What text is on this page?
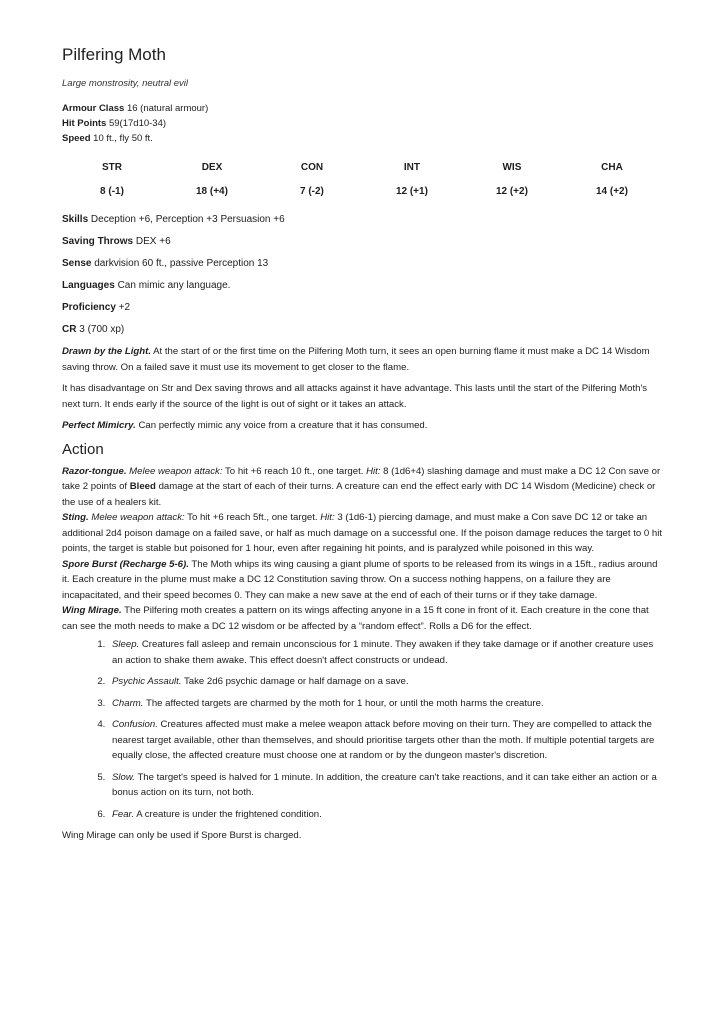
Pilfering Moth

Large monstrosity, neutral evil

Armour Class 16 (natural armour)

Hit Points 59(17d10-34)

Speed 10 ft., fly 50 ft.

STR	DEX	CON	INT	WIS	CHA
8 (-1)	18 (+4)	7 (-2)	12 (+1)	12 (+2)	14 (+2)

Skills Deception +6, Perception +3 Persuasion +6

Saving Throws DEX +6

Sense darkvision 60 ft., passive Perception 13

Languages Can mimic any language.

Proficiency +2

CR 3 (700 xp)

Drawn by the Light. At the start of or the first time on the Pilfering Moth turn, it sees an open burning flame it must make a DC 14 Wisdom saving throw. On a failed save it must use its movement to get closer to the flame.

It has disadvantage on Str and Dex saving throws and all attacks against it have advantage. This lasts until the start of the Pilfering Moth's next turn. It ends early if the source of the light is out of sight or it takes an attack.

Perfect Mimicry. Can perfectly mimic any voice from a creature that it has consumed.

Action

Razor-tongue. Melee weapon attack: To hit +6 reach 10 ft., one target. Hit: 8 (1d6+4) slashing damage and must make a DC 12 Con save or take 2 points of Bleed damage at the start of each of their turns. A creature can end the effect early with DC 14 Wisdom (Medicine) check or the use of a healers kit.

Sting. Melee weapon attack: To hit +6 reach 5ft., one target. Hit: 3 (1d6-1) piercing damage, and must make a Con save DC 12 or take an additional 2d4 poison damage on a failed save, or half as much damage on a successful one. If the poison damage reduces the target to 0 hit points, the target is stable but poisoned for 1 hour, even after regaining hit points, and is paralyzed while poisoned in this way.

Spore Burst (Recharge 5-6). The Moth whips its wing causing a giant plume of sports to be released from its wings in a 15ft., radius around it. Each creature in the plume must make a DC 12 Constitution saving throw. On a success nothing happens, on a failure they are incapacitated, and their speed becomes 0. They can make a new save at the end of each of their turns or if they take damage.

Wing Mirage. The Pilfering moth creates a pattern on its wings affecting anyone in a 15 ft cone in front of it. Each creature in the cone that can see the moth needs to make a DC 12 wisdom or be affected by a “random effect”. Rolls a D6 for the effect.

1. Sleep. Creatures fall asleep and remain unconscious for 1 minute. They awaken if they take damage or if another creature uses an action to shake them awake. This effect doesn't affect constructs or undead.
2. Psychic Assault. Take 2d6 psychic damage or half damage on a save.
3. Charm. The affected targets are charmed by the moth for 1 hour, or until the moth harms the creature.
4. Confusion. Creatures affected must make a melee weapon attack before moving on their turn. They are compelled to attack the nearest target available, other than themselves, and should prioritise targets other than the moth. If multiple potential targets are equally close, the affected creature must choose one at random or by the dungeon master's discretion.
5. Slow. The target's speed is halved for 1 minute. In addition, the creature can't take reactions, and it can take either an action or a bonus action on its turn, not both.
6. Fear. A creature is under the frightened condition.

Wing Mirage can only be used if Spore Burst is charged.
